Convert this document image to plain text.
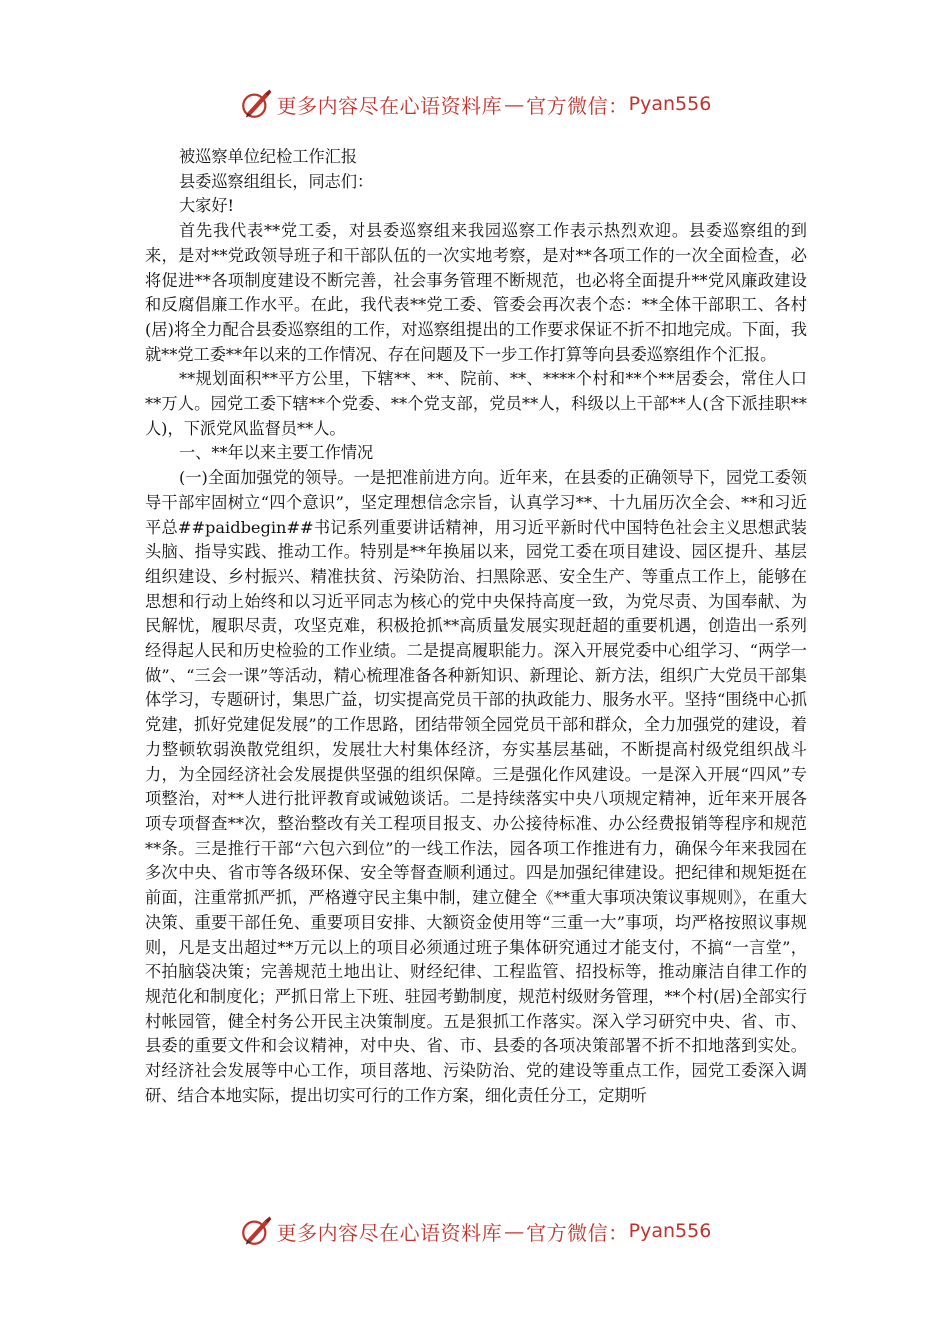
更多内容尽在心语资料库 — 官方微信： Pyan556

被巡察单位纪检工作汇报

县委巡察组组长，同志们：

大家好!

首先我代表**党工委，对县委巡察组来我园巡察工作表示热烈欢迎。县委巡察组的到来，是对**党政领导班子和干部队伍的一次实地考察，是对**各项工作的一次全面检查，必将促进**各项制度建设不断完善，社会事务管理不断规范，也必将全面提升**党风廉政建设和反腐倡廉工作水平。在此，我代表**党工委、管委会再次表个态：**全体干部职工、各村(居)将全力配合县委巡察组的工作，对巡察组提出的工作要求保证不折不扣地完成。下面，我就**党工委**年以来的工作情况、存在问题及下一步工作打算等向县委巡察组作个汇报。

**规划面积**平方公里，下辖**、**、院前、**、****个村和**个**居委会，常住人口**万人。园党工委下辖**个党委、**个党支部，党员**人，科级以上干部**人(含下派挂职**人)，下派党风监督员**人。

一、**年以来主要工作情况

(一)全面加强党的领导。一是把准前进方向。近年来，在县委的正确领导下，园党工委领导干部牢固树立“四个意识”，坚定理想信念宗旨，认真学习**、十九届历次全会、**和习近平总##paidbegin##书记系列重要讲话精神，用习近平新时代中国特色社会主义思想武装头脑、指导实践、推动工作。特别是**年换届以来，园党工委在项目建设、园区提升、基层组织建设、乡村振兴、精准扶贫、污染防治、扫黑除恶、安全生产、等重点工作上，能够在思想和行动上始终和以习近平同志为核心的党中央保持高度一致，为党尽责、为国奉献、为民解忧，履职尽责，攻坚克难，积极抢抓**高质量发展实现赶超的重要机遇，创造出一系列经得起人民和历史检验的工作业绩。二是提高履职能力。深入开展党委中心组学习、“两学一做”、“三会一课”等活动，精心梳理准备各种新知识、新理论、新方法，组织广大党员干部集体学习，专题研讨，集思广益，切实提高党员干部的执政能力、服务水平。坚持“围绕中心抓党建，抓好党建促发展”的工作思路，团结带领全园党员干部和群众，全力加强党的建设，着力整顿软弱涣散党组织，发展壮大村集体经济，夯实基层基础，不断提高村级党组织战斗力，为全园经济社会发展提供坚强的组织保障。三是强化作风建设。一是深入开展“四风”专项整治，对**人进行批评教育或诫勉谈话。二是持续落实中央八项规定精神，近年来开展各项专项督查**次，整治整改有关工程项目报支、办公接待标准、办公经费报销等程序和规范**条。三是推行干部“六包六到位”的一线工作法，园各项工作推进有力，确保今年来我园在多次中央、省市等各级环保、安全等督查顺利通过。四是加强纪律建设。把纪律和规矩挺在前面，注重常抓严抓，严格遵守民主集中制，建立健全《**重大事项决策议事规则》，在重大决策、重要干部任免、重要项目安排、大额资金使用等“三重一大”事项，均严格按照议事规则，凡是支出超过**万元以上的项目必须通过班子集体研究通过才能支付，不搞“一言堂”，不拍脑袋决策；完善规范土地出让、财经纪律、工程监管、招投标等，推动廉洁自律工作的规范化和制度化；严抓日常上下班、驻园考勤制度，规范村级财务管理，**个村(居)全部实行村帐园管，健全村务公开民主决策制度。五是狠抓工作落实。深入学习研究中央、省、市、县委的重要文件和会议精神，对中央、省、市、县委的各项决策部署不折不扣地落到实处。对经济社会发展等中心工作，项目落地、污染防治、党的建设等重点工作，园党工委深入调研、结合本地实际，提出切实可行的工作方案，细化责任分工，定期听

更多内容尽在心语资料库 — 官方微信： Pyan556
